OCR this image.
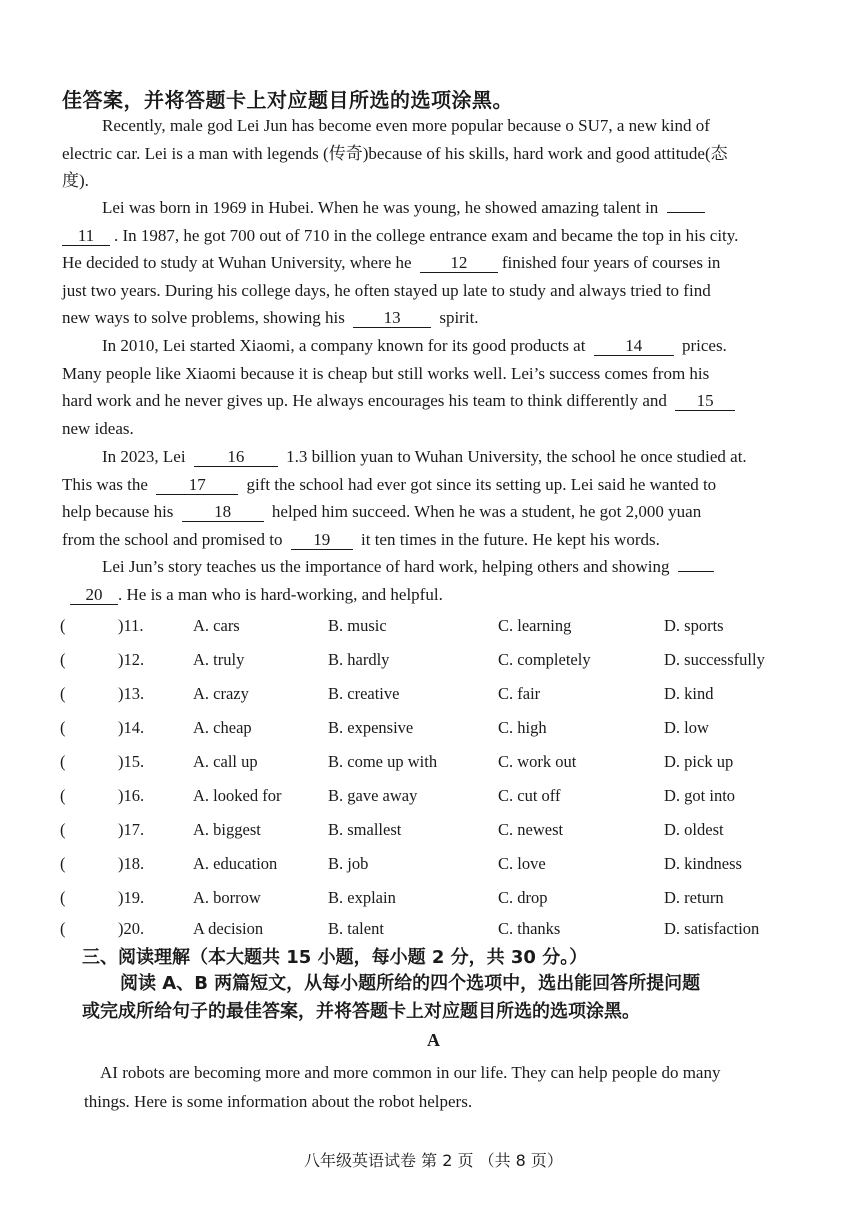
佳答案，并将答题卡上对应题目所选的选项涂黑。
Recently, male god Lei Jun has become even more popular because o SU7, a new kind of
electric car. Lei is a man with legends (传奇)because of his skills, hard work and good attitude(态
度).
Lei was born in 1969 in Hubei. When he was young, he showed amazing talent in
11 . In 1987, he got 700 out of 710 in the college entrance exam and became the top in his city.
He decided to study at Wuhan University, where he 12 finished four years of courses in
just two years. During his college days, he often stayed up late to study and always tried to find
new ways to solve problems, showing his 13 spirit.
In 2010, Lei started Xiaomi, a company known for its good products at 14 prices.
Many people like Xiaomi because it is cheap but still works well. Lei’s success comes from his
hard work and he never gives up. He always encourages his team to think differently and 15
new ideas.
In 2023, Lei 16 1.3 billion yuan to Wuhan University, the school he once studied at.
This was the 17 gift the school had ever got since its setting up. Lei said he wanted to
help because his 18 helped him succeed. When he was a student, he got 2,000 yuan
from the school and promised to 19 it ten times in the future. He kept his words.
Lei Jun’s story teaches us the importance of hard work, helping others and showing
20 . He is a man who is hard-working, and helpful.
(	)11.	A. cars	B. music	C. learning	D. sports
(	)12.	A. truly	B. hardly	C. completely	D. successfully
(	)13.	A. crazy	B. creative	C. fair	D. kind
(	)14.	A. cheap	B. expensive	C. high	D. low
(	)15.	A. call up	B. come up with	C. work out	D. pick up
(	)16.	A. looked for	B. gave away	C. cut off	D. got into
(	)17.	A. biggest	B. smallest	C. newest	D. oldest
(	)18.	A. education	B. job	C. love	D. kindness
(	)19.	A. borrow	B. explain	C. drop	D. return
(	)20.	A decision	B. talent	C. thanks	D. satisfaction
三、阅读理解（本大题共 15 小题，每小题 2 分，共 30 分。）
阅读 A、B 两篇短文，从每小题所给的四个选项中，选出能回答所提问题
或完成所给句子的最佳答案，并将答题卡上对应题目所选的选项涂黑。
A
AI robots are becoming more and more common in our life. They can help people do many
things. Here is some information about the robot helpers.
八年级英语试卷 第 2 页 （共 8 页）
